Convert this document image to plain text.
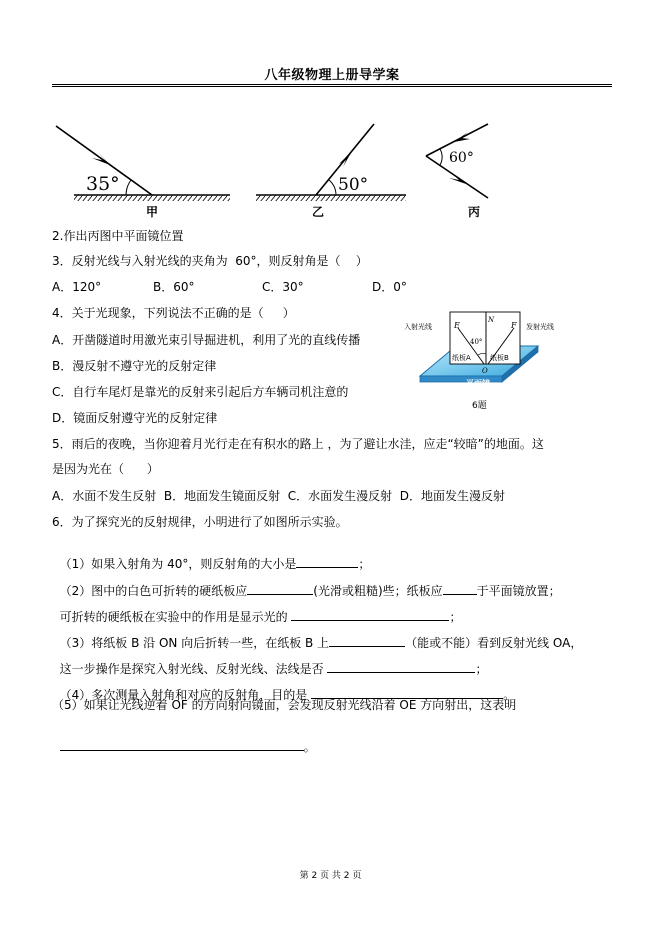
八年级物理上册导学案
35°
甲
50°
乙
60°
丙
2.作出丙图中平面镜位置
3．反射光线与入射光线的夹角为  60°，则反射角是（    ）
A．120°	B．60°	C．30°	D．0°
4．关于光现象，下列说法不正确的是（     ）
A．开凿隧道时用激光束引导掘进机，利用了光的直线传播
B．漫反射不遵守光的反射定律
C．自行车尾灯是靠光的反射来引起后方车辆司机注意的
D．镜面反射遵守光的反射定律
E
N
F
40°
纸板A	纸板B
O
平面镜
入射光线	发射光线
6题
5．雨后的夜晚，当你迎着月光行走在有积水的路上 ，为了避让水洼，应走“较暗”的地面。这
是因为光在（      ）
A．水面不发生反射  B．地面发生镜面反射  C．水面发生漫反射  D．地面发生漫反射
6．为了探究光的反射规律，小明进行了如图所示实验。

（1）如果入射角为 40°，则反射角的大小是	；

（2）图中的白色可折转的硬纸板应	(光滑或粗糙)些；纸板应	于平面镜放置；

可折转的硬纸板在实验中的作用是显示光的	；

（3）将纸板 B 沿 ON 向后折转一些，在纸板 B 上	（能或不能）看到反射光线 OA，

这一步操作是探究入射光线、反射光线、法线是否	；

（4）多次测量入射角和对应的反射角，目的是	。

（5）如果让光线逆着 OF 的方向射向镜面，会发现反射光线沿着 OE 方向射出，这表明

。

第 2 页 共 2 页
